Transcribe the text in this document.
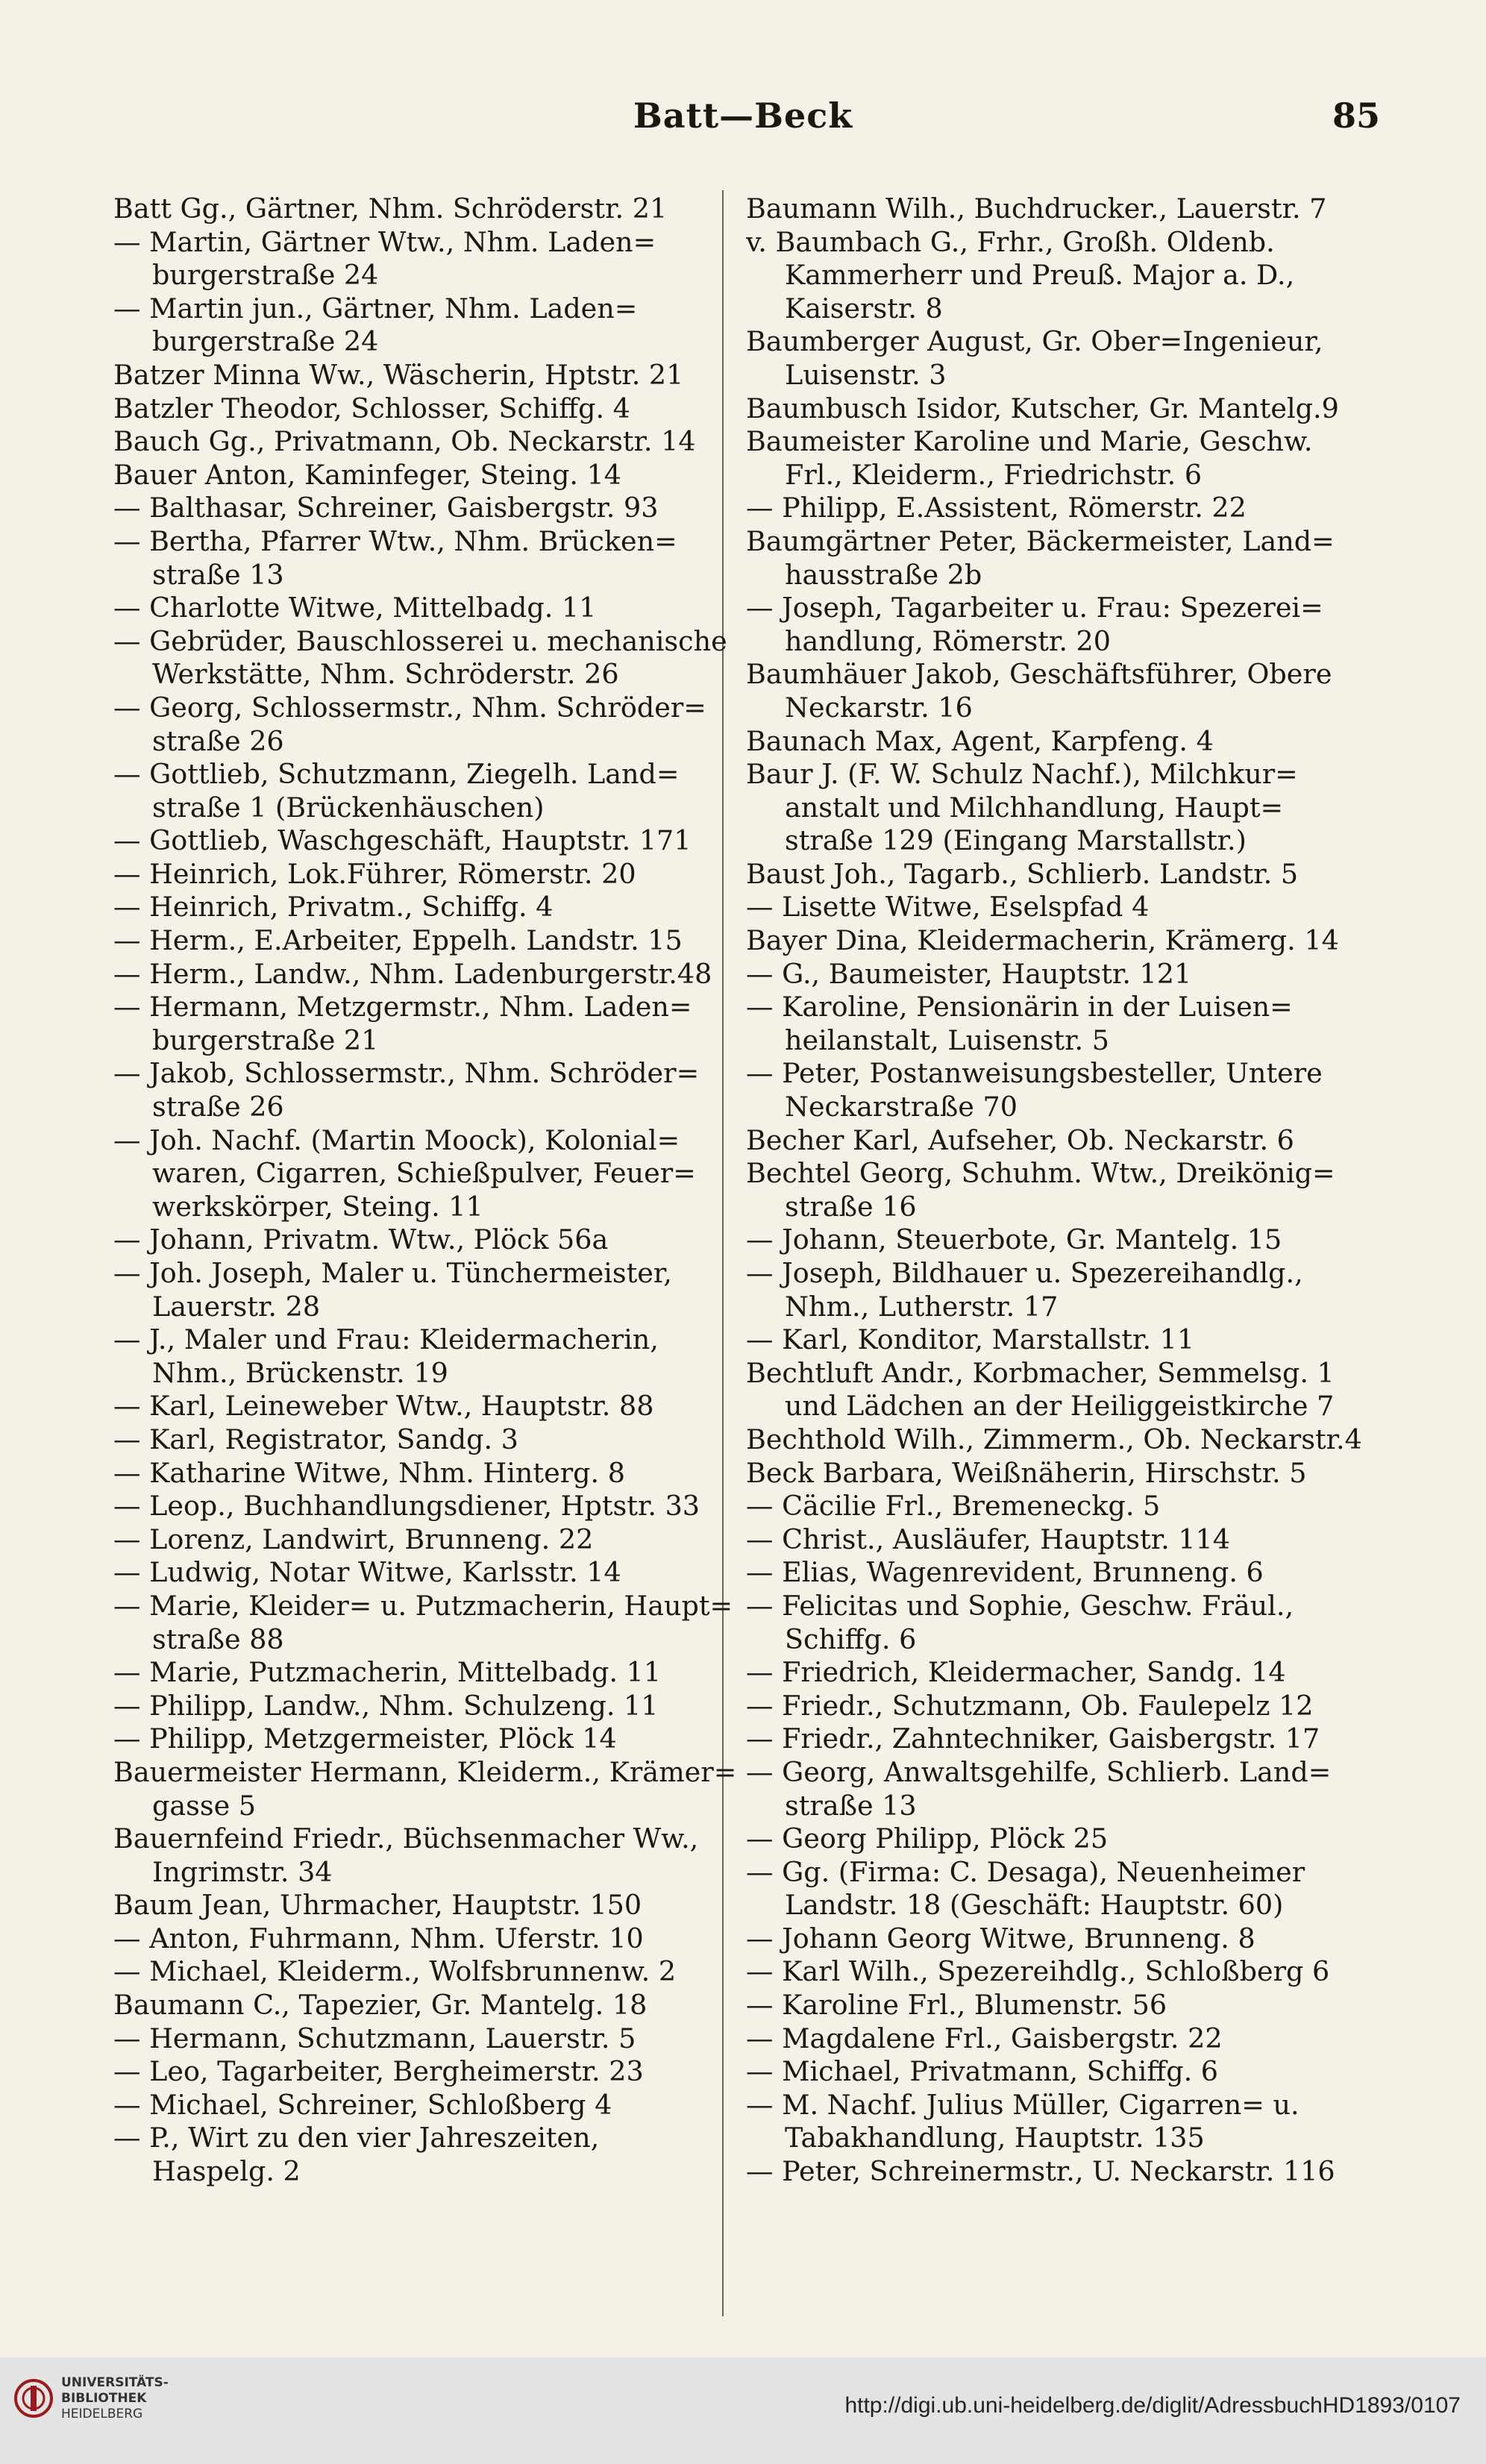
Batt—Beck	85
Batt Gg., Gärtner, Nhm. Schröderstr. 21
— Martin, Gärtner Wtw., Nhm. Laden=
burgerstraße 24
— Martin jun., Gärtner, Nhm. Laden=
burgerstraße 24
Batzer Minna Ww., Wäscherin, Hptstr. 21
Batzler Theodor, Schlosser, Schiffg. 4
Bauch Gg., Privatmann, Ob. Neckarstr. 14
Bauer Anton, Kaminfeger, Steing. 14
— Balthasar, Schreiner, Gaisbergstr. 93
— Bertha, Pfarrer Wtw., Nhm. Brücken=
straße 13
— Charlotte Witwe, Mittelbadg. 11
— Gebrüder, Bauschlosserei u. mechanische
Werkstätte, Nhm. Schröderstr. 26
— Georg, Schlossermstr., Nhm. Schröder=
straße 26
— Gottlieb, Schutzmann, Ziegelh. Land=
straße 1 (Brückenhäuschen)
— Gottlieb, Waschgeschäft, Hauptstr. 171
— Heinrich, Lok.Führer, Römerstr. 20
— Heinrich, Privatm., Schiffg. 4
— Herm., E.Arbeiter, Eppelh. Landstr. 15
— Herm., Landw., Nhm. Ladenburgerstr.48
— Hermann, Metzgermstr., Nhm. Laden=
burgerstraße 21
— Jakob, Schlossermstr., Nhm. Schröder=
straße 26
— Joh. Nachf. (Martin Moock), Kolonial=
waren, Cigarren, Schießpulver, Feuer=
werkskörper, Steing. 11
— Johann, Privatm. Wtw., Plöck 56a
— Joh. Joseph, Maler u. Tünchermeister,
Lauerstr. 28
— J., Maler und Frau: Kleidermacherin,
Nhm., Brückenstr. 19
— Karl, Leineweber Wtw., Hauptstr. 88
— Karl, Registrator, Sandg. 3
— Katharine Witwe, Nhm. Hinterg. 8
— Leop., Buchhandlungsdiener, Hptstr. 33
— Lorenz, Landwirt, Brunneng. 22
— Ludwig, Notar Witwe, Karlsstr. 14
— Marie, Kleider= u. Putzmacherin, Haupt=
straße 88
— Marie, Putzmacherin, Mittelbadg. 11
— Philipp, Landw., Nhm. Schulzeng. 11
— Philipp, Metzgermeister, Plöck 14
Bauermeister Hermann, Kleiderm., Krämer=
gasse 5
Bauernfeind Friedr., Büchsenmacher Ww.,
Ingrimstr. 34
Baum Jean, Uhrmacher, Hauptstr. 150
— Anton, Fuhrmann, Nhm. Uferstr. 10
— Michael, Kleiderm., Wolfsbrunnenw. 2
Baumann C., Tapezier, Gr. Mantelg. 18
— Hermann, Schutzmann, Lauerstr. 5
— Leo, Tagarbeiter, Bergheimerstr. 23
— Michael, Schreiner, Schloßberg 4
— P., Wirt zu den vier Jahreszeiten,
Haspelg. 2
Baumann Wilh., Buchdrucker., Lauerstr. 7
v. Baumbach G., Frhr., Großh. Oldenb.
Kammerherr und Preuß. Major a. D.,
Kaiserstr. 8
Baumberger August, Gr. Ober=Ingenieur,
Luisenstr. 3
Baumbusch Isidor, Kutscher, Gr. Mantelg.9
Baumeister Karoline und Marie, Geschw.
Frl., Kleiderm., Friedrichstr. 6
— Philipp, E.Assistent, Römerstr. 22
Baumgärtner Peter, Bäckermeister, Land=
hausstraße 2b
— Joseph, Tagarbeiter u. Frau: Spezerei=
handlung, Römerstr. 20
Baumhäuer Jakob, Geschäftsführer, Obere
Neckarstr. 16
Baunach Max, Agent, Karpfeng. 4
Baur J. (F. W. Schulz Nachf.), Milchkur=
anstalt und Milchhandlung, Haupt=
straße 129 (Eingang Marstallstr.)
Baust Joh., Tagarb., Schlierb. Landstr. 5
— Lisette Witwe, Eselspfad 4
Bayer Dina, Kleidermacherin, Krämerg. 14
— G., Baumeister, Hauptstr. 121
— Karoline, Pensionärin in der Luisen=
heilanstalt, Luisenstr. 5
— Peter, Postanweisungsbesteller, Untere
Neckarstraße 70
Becher Karl, Aufseher, Ob. Neckarstr. 6
Bechtel Georg, Schuhm. Wtw., Dreikönig=
straße 16
— Johann, Steuerbote, Gr. Mantelg. 15
— Joseph, Bildhauer u. Spezereihandlg.,
Nhm., Lutherstr. 17
— Karl, Konditor, Marstallstr. 11
Bechtluft Andr., Korbmacher, Semmelsg. 1
und Lädchen an der Heiliggeistkirche 7
Bechthold Wilh., Zimmerm., Ob. Neckarstr.4
Beck Barbara, Weißnäherin, Hirschstr. 5
— Cäcilie Frl., Bremeneckg. 5
— Christ., Ausläufer, Hauptstr. 114
— Elias, Wagenrevident, Brunneng. 6
— Felicitas und Sophie, Geschw. Fräul.,
Schiffg. 6
— Friedrich, Kleidermacher, Sandg. 14
— Friedr., Schutzmann, Ob. Faulepelz 12
— Friedr., Zahntechniker, Gaisbergstr. 17
— Georg, Anwaltsgehilfe, Schlierb. Land=
straße 13
— Georg Philipp, Plöck 25
— Gg. (Firma: C. Desaga), Neuenheimer
Landstr. 18 (Geschäft: Hauptstr. 60)
— Johann Georg Witwe, Brunneng. 8
— Karl Wilh., Spezereihdlg., Schloßberg 6
— Karoline Frl., Blumenstr. 56
— Magdalene Frl., Gaisbergstr. 22
— Michael, Privatmann, Schiffg. 6
— M. Nachf. Julius Müller, Cigarren= u.
Tabakhandlung, Hauptstr. 135
— Peter, Schreinermstr., U. Neckarstr. 116
UNIVERSITÄTS-
BIBLIOTHEK
HEIDELBERG	http://digi.ub.uni-heidelberg.de/diglit/AdressbuchHD1893/0107
